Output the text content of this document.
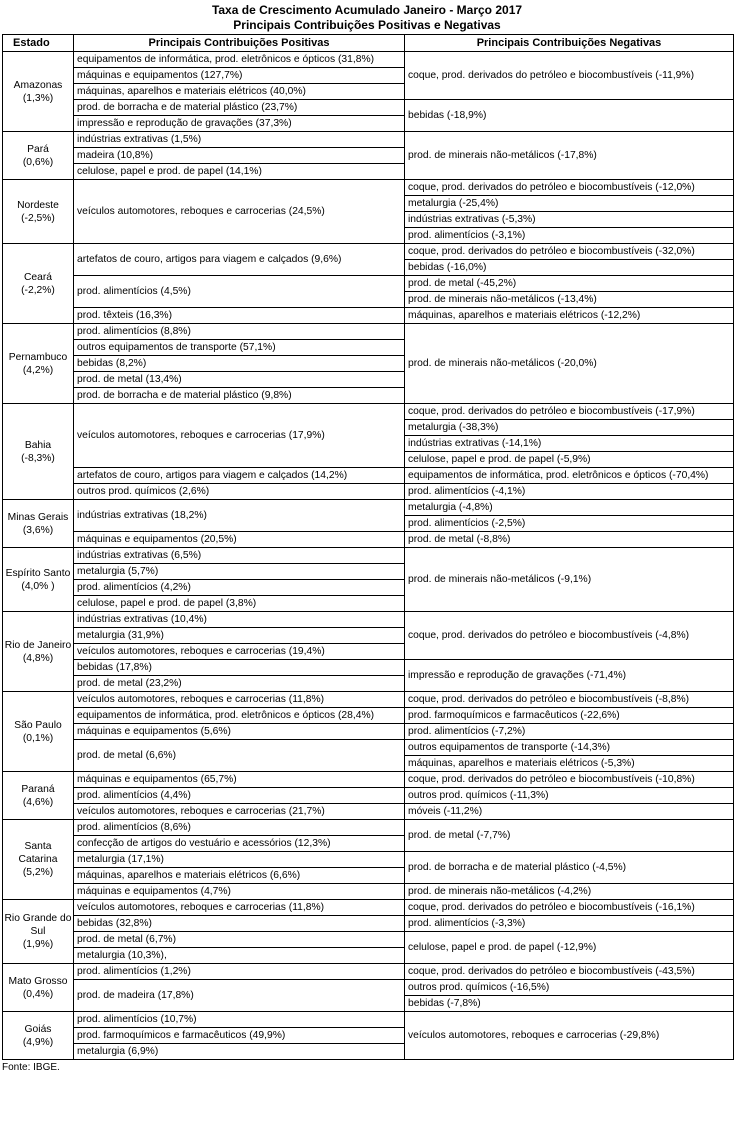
Taxa de Crescimento Acumulado Janeiro - Março 2017
Principais Contribuições Positivas e Negativas
Estado	Principais Contribuições Positivas	Principais Contribuições Negativas

Amazonas
(1,3%)	equipamentos de informática, prod. eletrônicos e ópticos (31,8%)	coque, prod. derivados do petróleo e biocombustíveis (-11,9%)
	máquinas e equipamentos (127,7%)	
	máquinas, aparelhos e materiais elétricos (40,0%)	
	prod. de borracha e de material plástico (23,7%)	bebidas (-18,9%)
	impressão e reprodução de gravações (37,3%)	

Pará
(0,6%)	indústrias extrativas (1,5%)	prod. de minerais não-metálicos (-17,8%)
	madeira (10,8%)	
	celulose, papel e prod. de papel (14,1%)	

Nordeste
(-2,5%)	veículos automotores, reboques e carrocerias (24,5%)	coque, prod. derivados do petróleo e biocombustíveis (-12,0%)
		metalurgia (-25,4%)
		indústrias extrativas (-5,3%)
		prod. alimentícios (-3,1%)

Ceará
(-2,2%)	artefatos de couro, artigos para viagem e calçados (9,6%)	coque, prod. derivados do petróleo e biocombustíveis (-32,0%)
		bebidas (-16,0%)
	prod. alimentícios (4,5%)	prod. de metal (-45,2%)
		prod. de minerais não-metálicos (-13,4%)
	prod. têxteis (16,3%)	máquinas, aparelhos e materiais elétricos (-12,2%)

Pernambuco
(4,2%)	prod. alimentícios (8,8%)	prod. de minerais não-metálicos (-20,0%)
	outros equipamentos de transporte (57,1%)	
	bebidas (8,2%)	
	prod. de metal (13,4%)	
	prod. de borracha e de material plástico (9,8%)	

Bahia
(-8,3%)	veículos automotores, reboques e carrocerias (17,9%)	coque, prod. derivados do petróleo e biocombustíveis (-17,9%)
		metalurgia (-38,3%)
		indústrias extrativas (-14,1%)
		celulose, papel e prod. de papel (-5,9%)
	artefatos de couro, artigos para viagem e calçados (14,2%)	equipamentos de informática, prod. eletrônicos e ópticos (-70,4%)
	outros prod. químicos (2,6%)	prod. alimentícios (-4,1%)

Minas Gerais
(3,6%)	indústrias extrativas (18,2%)	metalurgia (-4,8%)
		prod. alimentícios (-2,5%)
	máquinas e equipamentos (20,5%)	prod. de metal (-8,8%)

Espírito Santo
(4,0% )	indústrias extrativas (6,5%)	prod. de minerais não-metálicos (-9,1%)
	metalurgia (5,7%)	
	prod. alimentícios (4,2%)	
	celulose, papel e prod. de papel (3,8%)	

Rio de Janeiro
(4,8%)	indústrias extrativas (10,4%)	coque, prod. derivados do petróleo e biocombustíveis (-4,8%)
	metalurgia (31,9%)	
	veículos automotores, reboques e carrocerias (19,4%)	
	bebidas (17,8%)	impressão e reprodução de gravações (-71,4%)
	prod. de metal (23,2%)	

São Paulo
(0,1%)	veículos automotores, reboques e carrocerias (11,8%)	coque, prod. derivados do petróleo e biocombustíveis (-8,8%)
	equipamentos de informática, prod. eletrônicos e ópticos (28,4%)	prod. farmoquímicos e farmacêuticos (-22,6%)
	máquinas e equipamentos (5,6%)	prod. alimentícios (-7,2%)
	prod. de metal (6,6%)	outros equipamentos de transporte (-14,3%)
		máquinas, aparelhos e materiais elétricos (-5,3%)

Paraná
(4,6%)	máquinas e equipamentos (65,7%)	coque, prod. derivados do petróleo e biocombustíveis (-10,8%)
	prod. alimentícios (4,4%)	outros prod. químicos (-11,3%)
	veículos automotores, reboques e carrocerias (21,7%)	móveis (-11,2%)

Santa Catarina
(5,2%)	prod. alimentícios (8,6%)	prod. de metal (-7,7%)
	confecção de artigos do vestuário e acessórios (12,3%)	
	metalurgia (17,1%)	prod. de borracha e de material plástico (-4,5%)
	máquinas, aparelhos e materiais elétricos (6,6%)	
	máquinas e equipamentos (4,7%)	prod. de minerais não-metálicos (-4,2%)

Rio Grande do Sul
(1,9%)	veículos automotores, reboques e carrocerias (11,8%)	coque, prod. derivados do petróleo e biocombustíveis (-16,1%)
	bebidas (32,8%)	prod. alimentícios (-3,3%)
	prod. de metal (6,7%)	celulose, papel e prod. de papel (-12,9%)
	metalurgia (10,3%),	

Mato Grosso
(0,4%)	prod. alimentícios (1,2%)	coque, prod. derivados do petróleo e biocombustíveis (-43,5%)
	prod. de madeira (17,8%)	outros prod. químicos (-16,5%)
		bebidas (-7,8%)

Goiás
(4,9%)	prod. alimentícios (10,7%)	veículos automotores, reboques e carrocerias (-29,8%)
	prod. farmoquímicos e farmacêuticos (49,9%)	
	metalurgia (6,9%)	
Fonte: IBGE.
